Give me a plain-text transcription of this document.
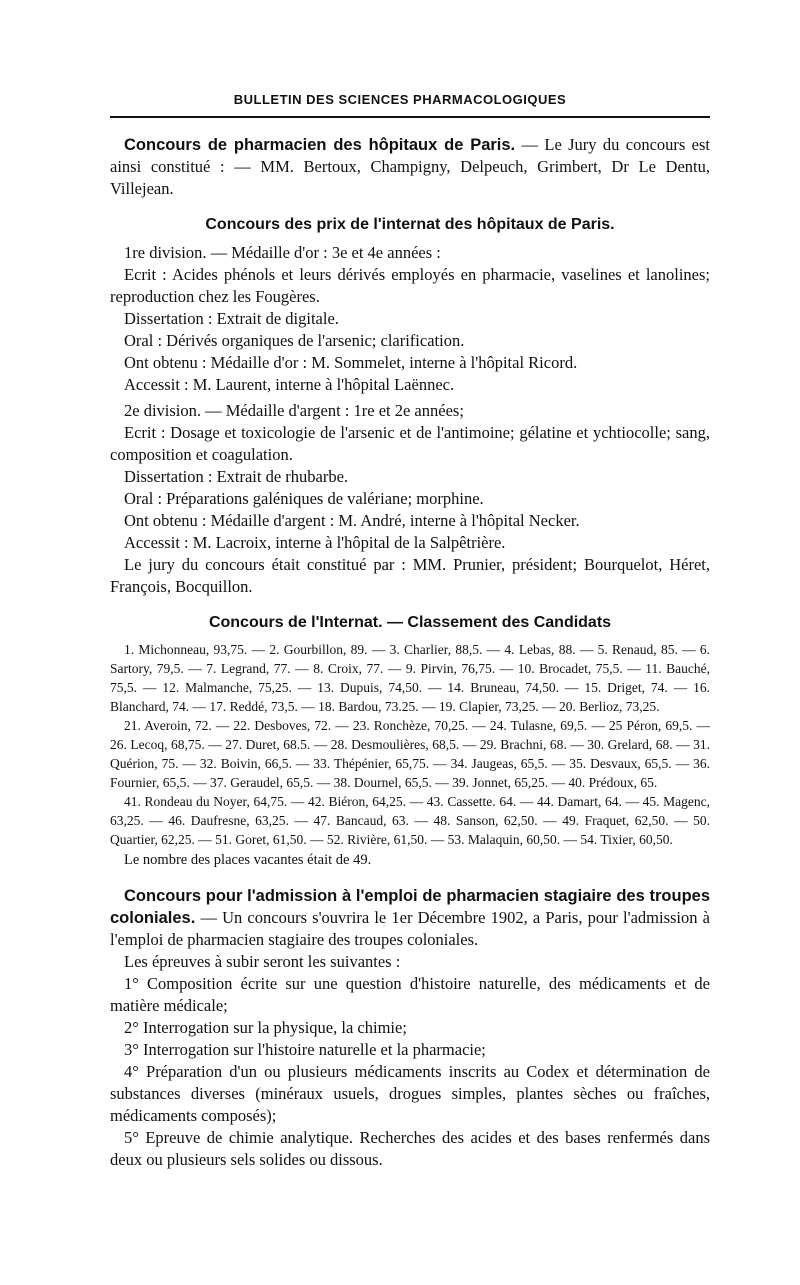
BULLETIN DES SCIENCES PHARMACOLOGIQUES

Concours de pharmacien des hôpitaux de Paris. — Le Jury du concours est ainsi constitué : — MM. Bertoux, Champigny, Delpeuch, Grimbert, Dr Le Dentu, Villejean.

Concours des prix de l'internat des hôpitaux de Paris.

1re division. — Médaille d'or : 3e et 4e années :

Ecrit : Acides phénols et leurs dérivés employés en pharmacie, vaselines et lanolines; reproduction chez les Fougères.

Dissertation : Extrait de digitale.

Oral : Dérivés organiques de l'arsenic; clarification.

Ont obtenu : Médaille d'or : M. Sommelet, interne à l'hôpital Ricord.

Accessit : M. Laurent, interne à l'hôpital Laënnec.

2e division. — Médaille d'argent : 1re et 2e années;

Ecrit : Dosage et toxicologie de l'arsenic et de l'antimoine; gélatine et ychtiocolle; sang, composition et coagulation.

Dissertation : Extrait de rhubarbe.

Oral : Préparations galéniques de valériane; morphine.

Ont obtenu : Médaille d'argent : M. André, interne à l'hôpital Necker.

Accessit : M. Lacroix, interne à l'hôpital de la Salpêtrière.

Le jury du concours était constitué par : MM. Prunier, président; Bourquelot, Héret, François, Bocquillon.

Concours de l'Internat. — Classement des Candidats

1. Michonneau, 93,75. — 2. Gourbillon, 89. — 3. Charlier, 88,5. — 4. Lebas, 88. — 5. Renaud, 85. — 6. Sartory, 79,5. — 7. Legrand, 77. — 8. Croix, 77. — 9. Pirvin, 76,75. — 10. Brocadet, 75,5. — 11. Bauché, 75,5. — 12. Malmanche, 75,25. — 13. Dupuis, 74,50. — 14. Bruneau, 74,50. — 15. Driget, 74. — 16. Blanchard, 74. — 17. Reddé, 73,5. — 18. Bardou, 73.25. — 19. Clapier, 73,25. — 20. Berlioz, 73,25.

21. Averoin, 72. — 22. Desboves, 72. — 23. Ronchèze, 70,25. — 24. Tulasne, 69,5. — 25 Péron, 69,5. — 26. Lecoq, 68,75. — 27. Duret, 68.5. — 28. Desmoulières, 68,5. — 29. Brachni, 68. — 30. Grelard, 68. — 31. Quérion, 75. — 32. Boivin, 66,5. — 33. Thépénier, 65,75. — 34. Jaugeas, 65,5. — 35. Desvaux, 65,5. — 36. Fournier, 65,5. — 37. Geraudel, 65,5. — 38. Dournel, 65,5. — 39. Jonnet, 65,25. — 40. Prédoux, 65.

41. Rondeau du Noyer, 64,75. — 42. Biéron, 64,25. — 43. Cassette. 64. — 44. Damart, 64. — 45. Magenc, 63,25. — 46. Daufresne, 63,25. — 47. Bancaud, 63. — 48. Sanson, 62,50. — 49. Fraquet, 62,50. — 50. Quartier, 62,25. — 51. Goret, 61,50. — 52. Rivière, 61,50. — 53. Malaquin, 60,50. — 54. Tixier, 60,50.

Le nombre des places vacantes était de 49.

Concours pour l'admission à l'emploi de pharmacien stagiaire des troupes coloniales. — Un concours s'ouvrira le 1er Décembre 1902, a Paris, pour l'admission à l'emploi de pharmacien stagiaire des troupes coloniales.

Les épreuves à subir seront les suivantes :

1° Composition écrite sur une question d'histoire naturelle, des médicaments et de matière médicale;

2° Interrogation sur la physique, la chimie;

3° Interrogation sur l'histoire naturelle et la pharmacie;

4° Préparation d'un ou plusieurs médicaments inscrits au Codex et détermination de substances diverses (minéraux usuels, drogues simples, plantes sèches ou fraîches, médicaments composés);

5° Epreuve de chimie analytique. Recherches des acides et des bases renfermés dans deux ou plusieurs sels solides ou dissous.
